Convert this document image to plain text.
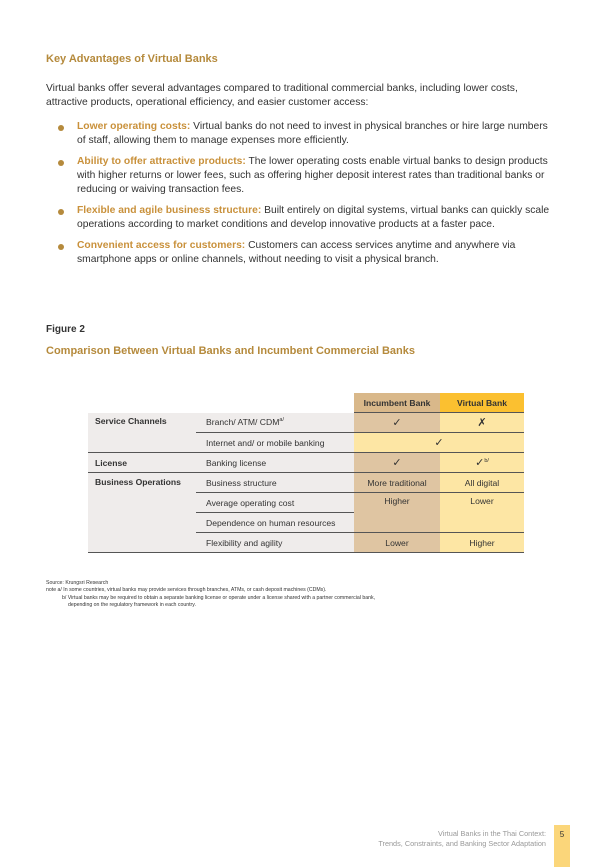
Key Advantages of Virtual Banks

Virtual banks offer several advantages compared to traditional commercial banks, including lower costs, attractive products, operational efficiency, and easier customer access:

Lower operating costs: Virtual banks do not need to invest in physical branches or hire large numbers of staff, allowing them to manage expenses more efficiently.
Ability to offer attractive products: The lower operating costs enable virtual banks to design products with higher returns or lower fees, such as offering higher deposit interest rates than traditional banks or reducing or waiving transaction fees.
Flexible and agile business structure: Built entirely on digital systems, virtual banks can quickly scale operations according to market conditions and develop innovative products at a faster pace.
Convenient access for customers: Customers can access services anytime and anywhere via smartphone apps or online channels, without needing to visit a physical branch.

Figure 2

Comparison Between Virtual Banks and Incumbent Commercial Banks

		Incumbent Bank	Virtual Bank
Service Channels	Branch/ ATM/ $CDM^{a/}$	✓	✗
	Internet and/ or mobile banking	✓	
License	Banking license	✓	✓$^{b/}$
Business Operations	Business structure	More traditional	All digital
	Average operating cost	Higher	Lower
	Dependence on human resources		
	Flexibility and agility	Lower	Higher

Source: Krungsri Research

note a/ In some countries, virtual banks may provide services through branches, ATMs, or cash deposit machines (CDMs).

b/ Virtual banks may be required to obtain a separate banking license or operate under a license shared with a partner commercial bank,

depending on the regulatory framework in each country.

Virtual Banks in the Thai Context:
Trends, Constraints, and Banking Sector Adaptation
5
